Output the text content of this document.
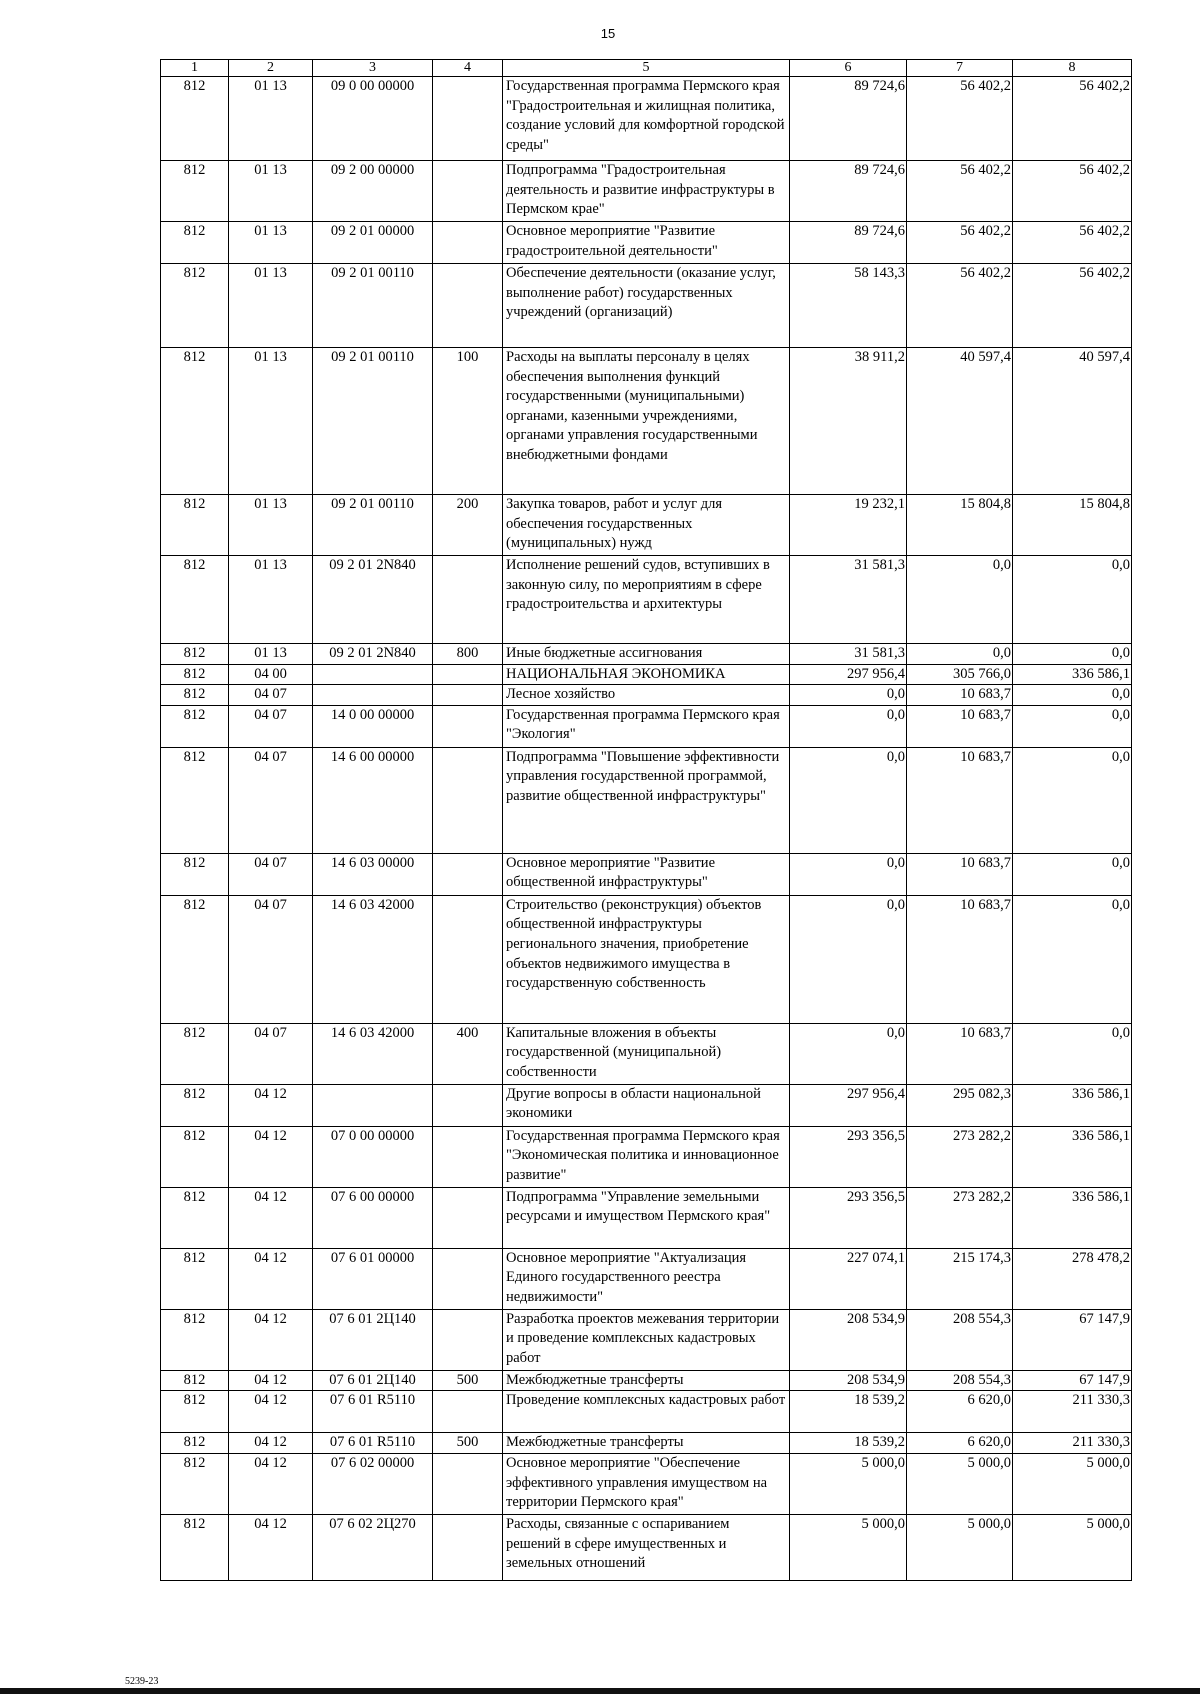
15
1	2	3	4	5	6	7	8
812	01 13	09 0 00 00000		Государственная программа Пермского края "Градостроительная и жилищная политика, создание условий для комфортной городской среды"	89 724,6	56 402,2	56 402,2
812	01 13	09 2 00 00000		Подпрограмма "Градостроительная деятельность и развитие инфраструктуры в Пермском крае"	89 724,6	56 402,2	56 402,2
812	01 13	09 2 01 00000		Основное мероприятие "Развитие градостроительной деятельности"	89 724,6	56 402,2	56 402,2
812	01 13	09 2 01 00110		Обеспечение деятельности (оказание услуг, выполнение работ) государственных учреждений (организаций)	58 143,3	56 402,2	56 402,2
812	01 13	09 2 01 00110	100	Расходы на выплаты персоналу в целях обеспечения выполнения функций государственными (муниципальными) органами, казенными учреждениями, органами управления государственными внебюджетными фондами	38 911,2	40 597,4	40 597,4
812	01 13	09 2 01 00110	200	Закупка товаров, работ и услуг для обеспечения государственных (муниципальных) нужд	19 232,1	15 804,8	15 804,8
812	01 13	09 2 01 2N840		Исполнение решений судов, вступивших в законную силу, по мероприятиям в сфере градостроительства и архитектуры	31 581,3	0,0	0,0
812	01 13	09 2 01 2N840	800	Иные бюджетные ассигнования	31 581,3	0,0	0,0
812	04 00			НАЦИОНАЛЬНАЯ ЭКОНОМИКА	297 956,4	305 766,0	336 586,1
812	04 07			Лесное хозяйство	0,0	10 683,7	0,0
812	04 07	14 0 00 00000		Государственная программа Пермского края "Экология"	0,0	10 683,7	0,0
812	04 07	14 6 00 00000		Подпрограмма "Повышение эффективности управления государственной программой, развитие общественной инфраструктуры"	0,0	10 683,7	0,0
812	04 07	14 6 03 00000		Основное мероприятие "Развитие общественной инфраструктуры"	0,0	10 683,7	0,0
812	04 07	14 6 03 42000		Строительство (реконструкция) объектов общественной инфраструктуры регионального значения, приобретение объектов недвижимого имущества в государственную собственность	0,0	10 683,7	0,0
812	04 07	14 6 03 42000	400	Капитальные вложения в объекты государственной (муниципальной) собственности	0,0	10 683,7	0,0
812	04 12			Другие вопросы в области национальной экономики	297 956,4	295 082,3	336 586,1
812	04 12	07 0 00 00000		Государственная программа Пермского края "Экономическая политика и инновационное развитие"	293 356,5	273 282,2	336 586,1
812	04 12	07 6 00 00000		Подпрограмма "Управление земельными ресурсами и имуществом Пермского края"	293 356,5	273 282,2	336 586,1
812	04 12	07 6 01 00000		Основное мероприятие "Актуализация Единого государственного реестра недвижимости"	227 074,1	215 174,3	278 478,2
812	04 12	07 6 01 2Ц140		Разработка проектов межевания территории и проведение комплексных кадастровых работ	208 534,9	208 554,3	67 147,9
812	04 12	07 6 01 2Ц140	500	Межбюджетные трансферты	208 534,9	208 554,3	67 147,9
812	04 12	07 6 01 R5110		Проведение комплексных кадастровых работ	18 539,2	6 620,0	211 330,3
812	04 12	07 6 01 R5110	500	Межбюджетные трансферты	18 539,2	6 620,0	211 330,3
812	04 12	07 6 02 00000		Основное мероприятие "Обеспечение эффективного управления имуществом на территории Пермского края"	5 000,0	5 000,0	5 000,0
812	04 12	07 6 02 2Ц270		Расходы, связанные с оспариванием решений в сфере имущественных и земельных отношений	5 000,0	5 000,0	5 000,0
5239-23
